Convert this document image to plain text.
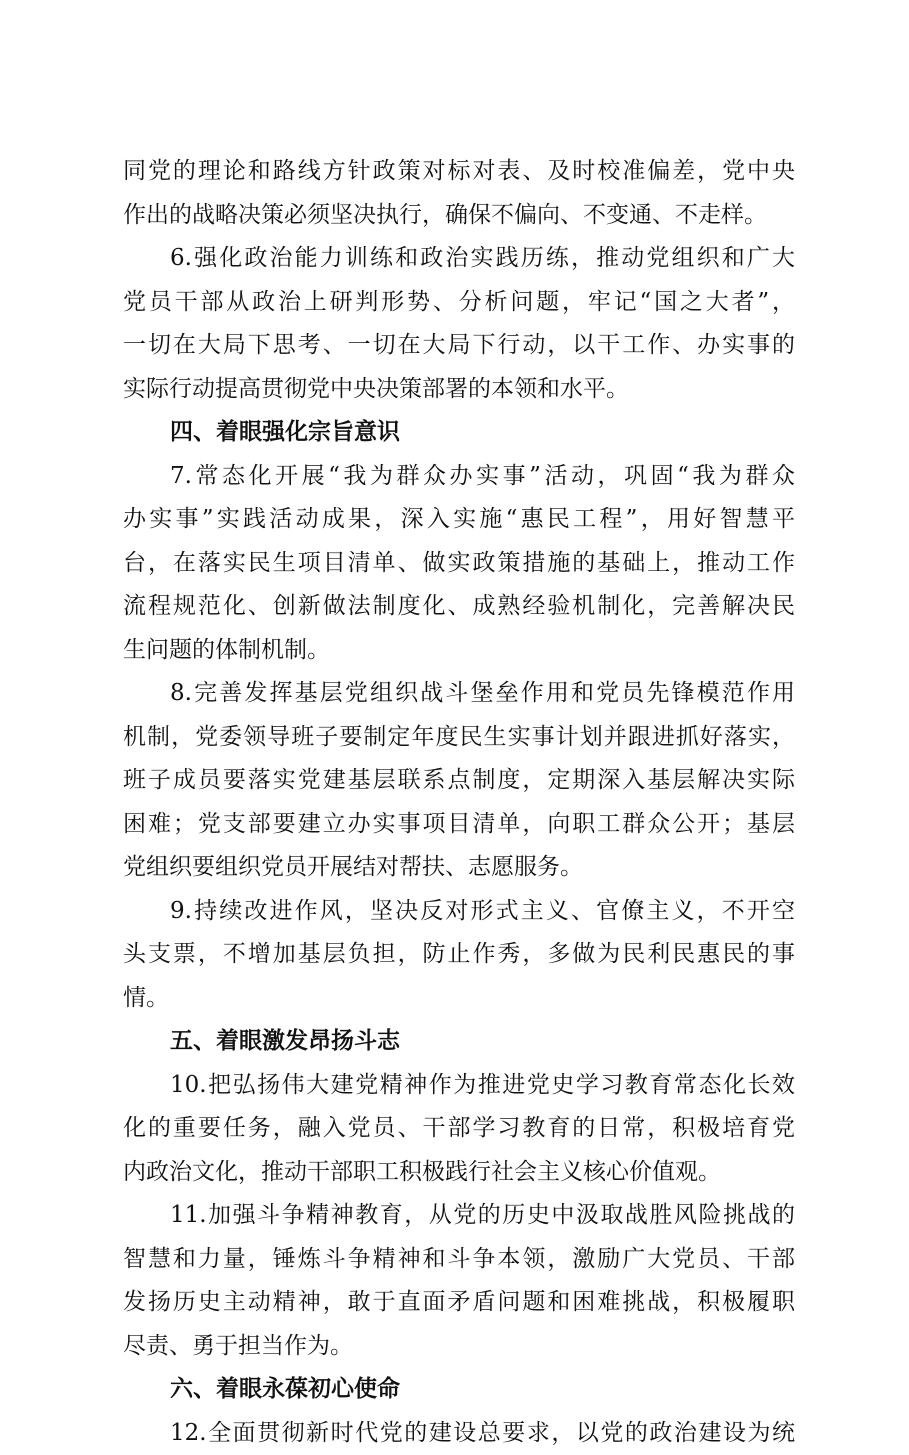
同党的理论和路线方针政策对标对表、及时校准偏差，党中央
作出的战略决策必须坚决执行，确保不偏向、不变通、不走样。
6.强化政治能力训练和政治实践历练，推动党组织和广大
党员干部从政治上研判形势、分析问题，牢记“国之大者”，
一切在大局下思考、一切在大局下行动，以干工作、办实事的
实际行动提高贯彻党中央决策部署的本领和水平。
四、着眼强化宗旨意识
7.常态化开展“我为群众办实事”活动，巩固“我为群众
办实事”实践活动成果，深入实施“惠民工程”，用好智慧平
台，在落实民生项目清单、做实政策措施的基础上，推动工作
流程规范化、创新做法制度化、成熟经验机制化，完善解决民
生问题的体制机制。
8.完善发挥基层党组织战斗堡垒作用和党员先锋模范作用
机制，党委领导班子要制定年度民生实事计划并跟进抓好落实，
班子成员要落实党建基层联系点制度，定期深入基层解决实际
困难；党支部要建立办实事项目清单，向职工群众公开；基层
党组织要组织党员开展结对帮扶、志愿服务。
9.持续改进作风，坚决反对形式主义、官僚主义，不开空
头支票，不增加基层负担，防止作秀，多做为民利民惠民的事
情。
五、着眼激发昂扬斗志
10.把弘扬伟大建党精神作为推进党史学习教育常态化长效
化的重要任务，融入党员、干部学习教育的日常，积极培育党
内政治文化，推动干部职工积极践行社会主义核心价值观。
11.加强斗争精神教育，从党的历史中汲取战胜风险挑战的
智慧和力量，锤炼斗争精神和斗争本领，激励广大党员、干部
发扬历史主动精神，敢于直面矛盾问题和困难挑战，积极履职
尽责、勇于担当作为。
六、着眼永葆初心使命
12.全面贯彻新时代党的建设总要求，以党的政治建设为统
